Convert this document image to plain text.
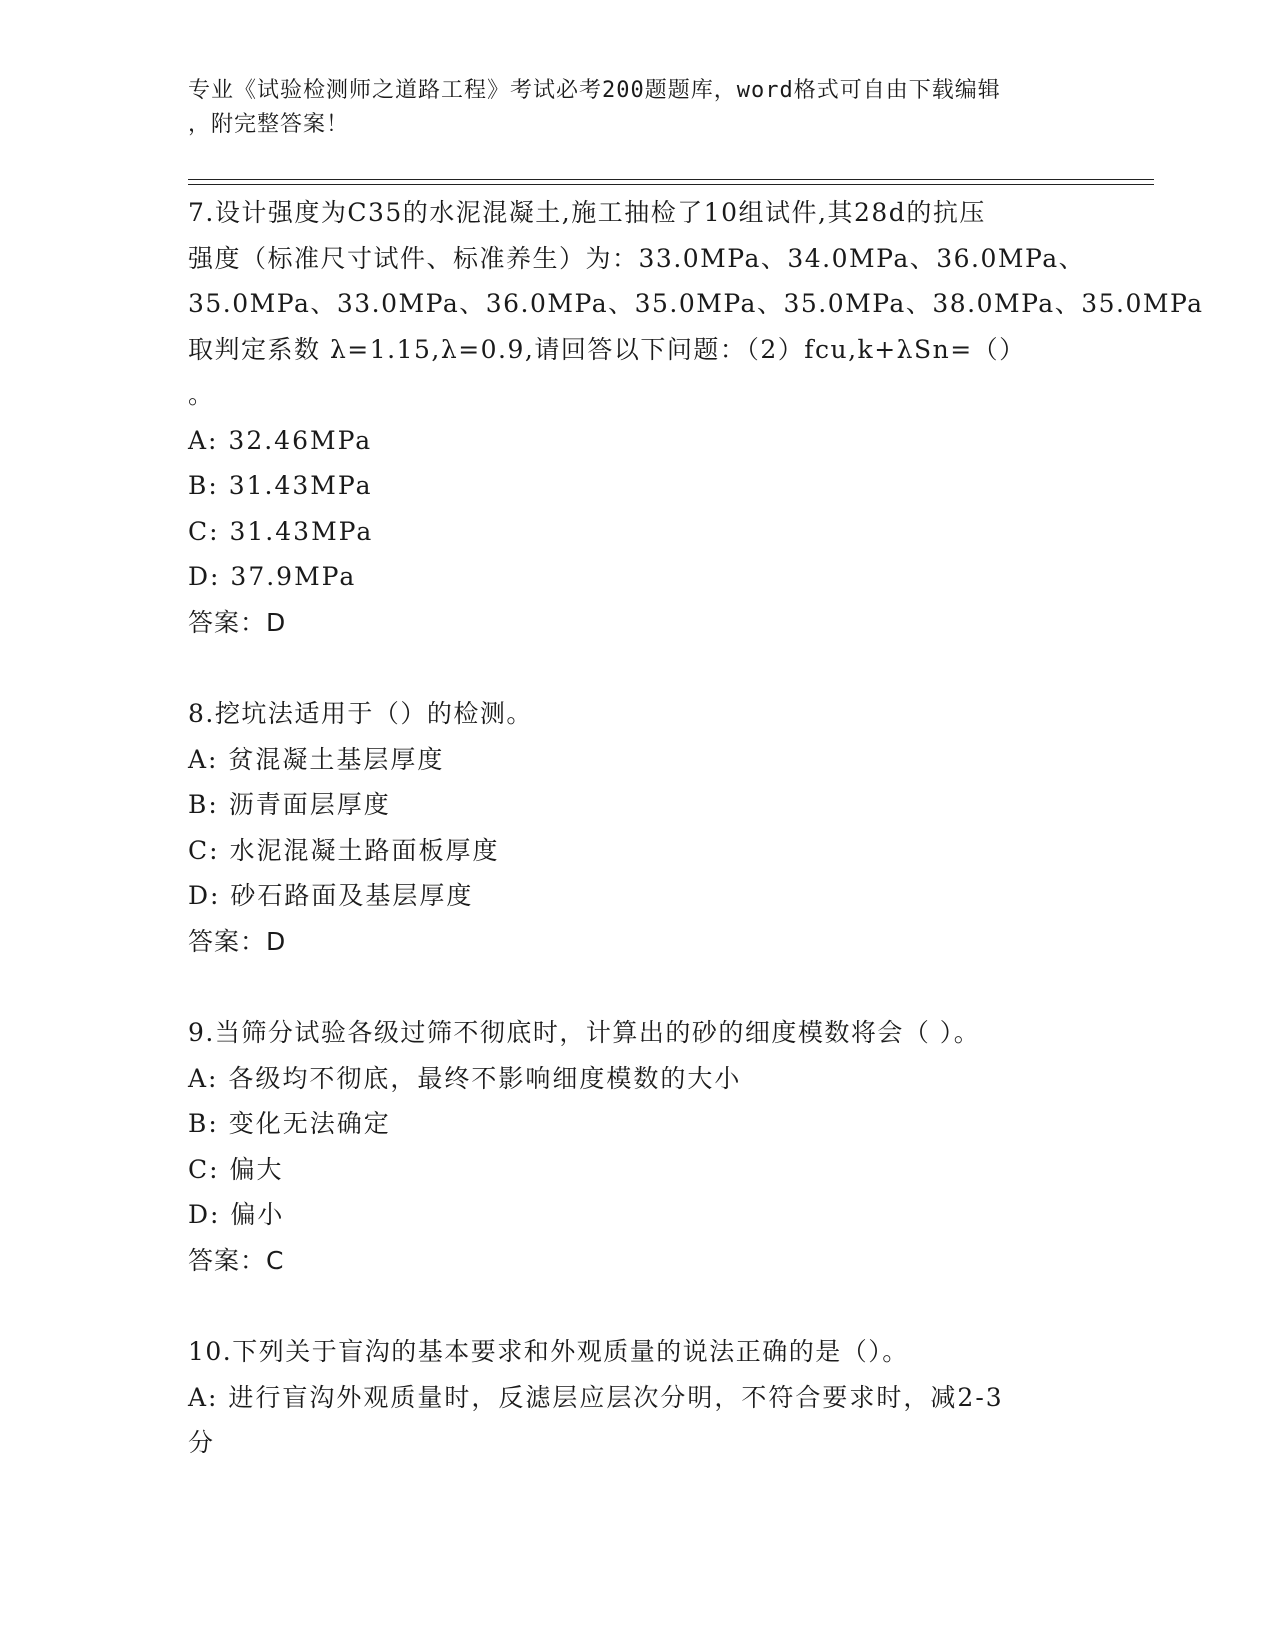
专业《试验检测师之道路工程》考试必考200题题库，word格式可自由下载编辑
，附完整答案！
7.设计强度为C35的水泥混凝土,施工抽检了10组试件,其28d的抗压
强度（标准尺寸试件、标准养生）为：33.0MPa、34.0MPa、36.0MPa、
35.0MPa、33.0MPa、36.0MPa、35.0MPa、35.0MPa、38.0MPa、35.0MPa
取判定系数 λ=1.15,λ=0.9,请回答以下问题：（2）fcu,k+λSn=（）
。
A: 32.46MPa
B: 31.43MPa
C: 31.43MPa
D: 37.9MPa
答案：D
8.挖坑法适用于（）的检测。
A: 贫混凝土基层厚度
B: 沥青面层厚度
C: 水泥混凝土路面板厚度
D: 砂石路面及基层厚度
答案：D
9.当筛分试验各级过筛不彻底时，计算出的砂的细度模数将会（ ）。
A: 各级均不彻底，最终不影响细度模数的大小
B: 变化无法确定
C: 偏大
D: 偏小
答案：C
10.下列关于盲沟的基本要求和外观质量的说法正确的是（）。
A: 进行盲沟外观质量时，反滤层应层次分明，不符合要求时，减2-3
分
